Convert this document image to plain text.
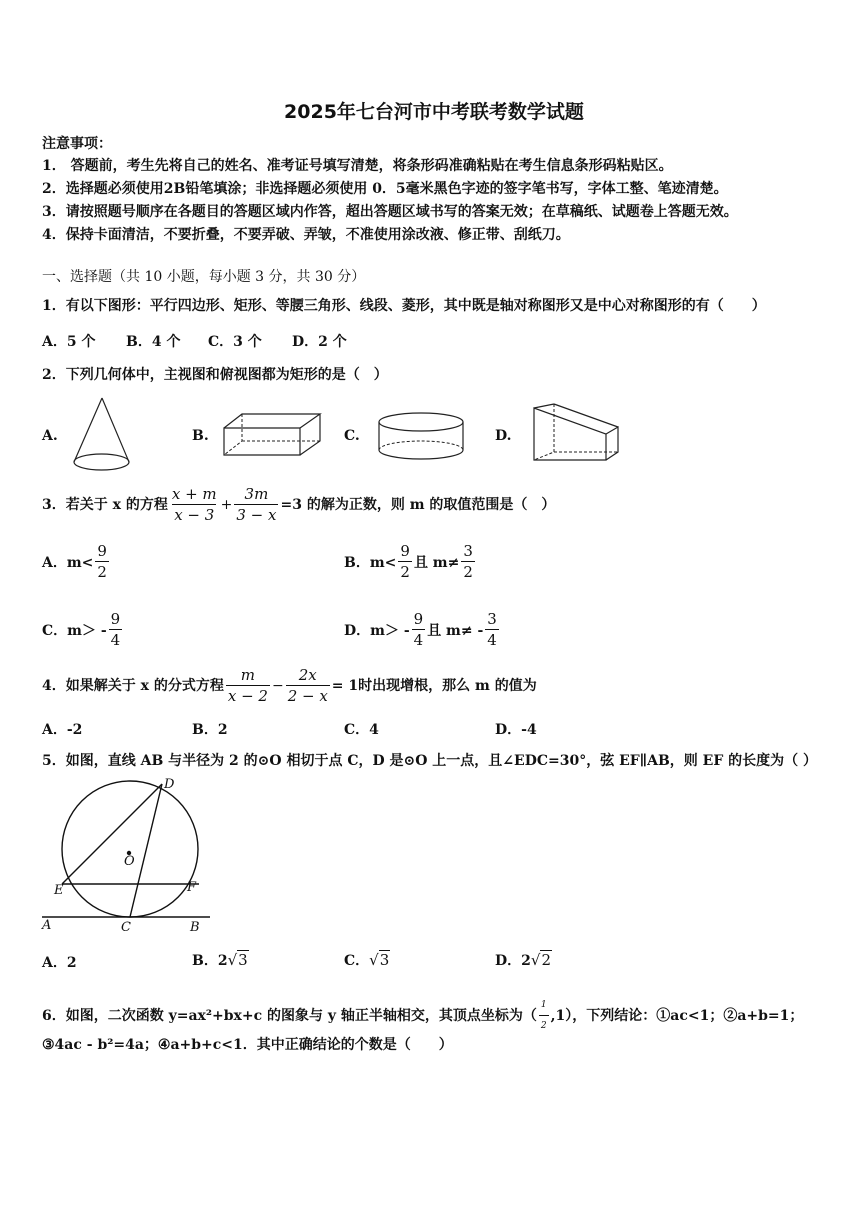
2025年七台河市中考联考数学试题
注意事项：
1． 答题前，考生先将自己的姓名、准考证号填写清楚，将条形码准确粘贴在考生信息条形码粘贴区。
2．选择题必须使用2B铅笔填涂；非选择题必须使用 0．5毫米黑色字迹的签字笔书写，字体工整、笔迹清楚。
3．请按照题号顺序在各题目的答题区域内作答，超出答题区域书写的答案无效；在草稿纸、试题卷上答题无效。
4．保持卡面清洁，不要折叠，不要弄破、弄皱，不准使用涂改液、修正带、刮纸刀。
一、选择题（共 10 小题，每小题 3 分，共 30 分）
1．有以下图形：平行四边形、矩形、等腰三角形、线段、菱形，其中既是轴对称图形又是中心对称图形的有（　　）
A．5 个 B．4 个 C．3 个 D．2 个
2．下列几何体中，主视图和俯视图都为矩形的是（　）
A.	B.	C.	D.
3．若关于 x 的方程 $\frac{x + m}{x - 3} + \frac{3m}{3 - x} =3$ 的解为正数，则 m 的取值范围是（　）
A．$m< \frac{9}{2}$	B．$m< \frac{9}{2}$ 且 $m\ne \frac{3}{2}$
C．$m> - \frac{9}{4}$	D．$m> - \frac{9}{4}$ 且 $m\ne - \frac{3}{4}$
4．如果解关于 x 的分式方程 $\frac{m}{x - 2} - \frac{2x}{2 - x} = 1$时出现增根，那么 m 的值为
A．-2	B．2	C．4	D．-4
5．如图，直线 AB 与半径为 2 的⊙O 相切于点 C，D 是⊙O 上一点，且∠EDC=30°，弦 EF∥AB，则 EF 的长度为（ ）
D
O
E	F
A	C	B
A．2	B．2√3	C．√3	D．2√2
6．如图，二次函数 y=ax²+bx+c 的图象与 y 轴正半轴相交，其顶点坐标为（ $\frac{1}{2} ,1$），下列结论：①ac<1；②a+b=1；
③4ac - b²=4a；④a+b+c<1．其中正确结论的个数是（　　）
